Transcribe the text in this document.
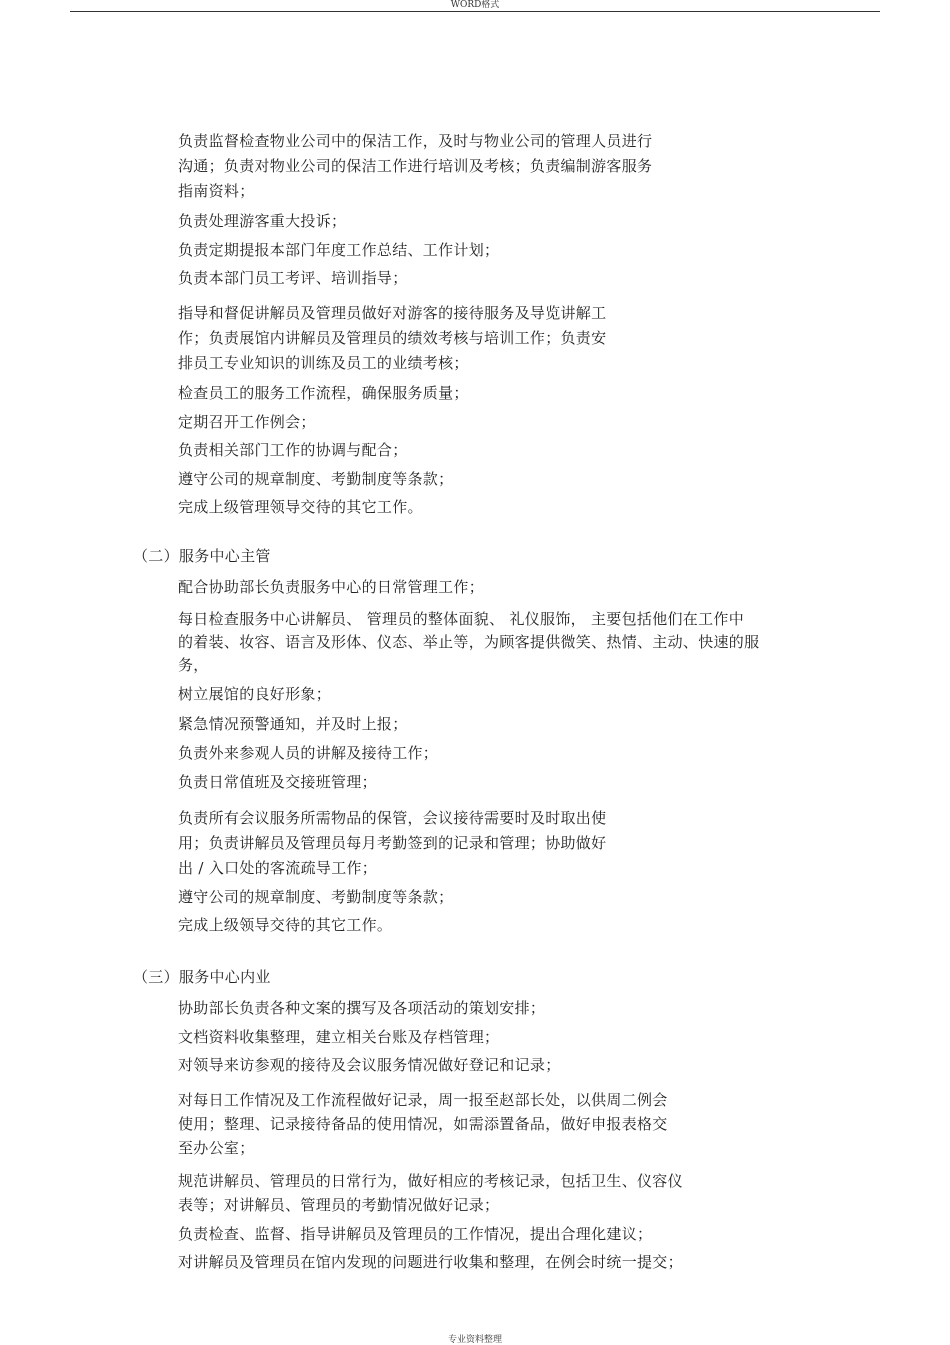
WORD格式
负责监督检查物业公司中的保洁工作，及时与物业公司的管理人员进行
沟通；负责对物业公司的保洁工作进行培训及考核；负责编制游客服务
指南资料；
负责处理游客重大投诉；
负责定期提报本部门年度工作总结、工作计划；
负责本部门员工考评、培训指导；
指导和督促讲解员及管理员做好对游客的接待服务及导览讲解工
作；负责展馆内讲解员及管理员的绩效考核与培训工作；负责安
排员工专业知识的训练及员工的业绩考核；
检查员工的服务工作流程，确保服务质量；
定期召开工作例会；
负责相关部门工作的协调与配合；
遵守公司的规章制度、考勤制度等条款；
完成上级管理领导交待的其它工作。
（二）服务中心主管
配合协助部长负责服务中心的日常管理工作；
每日检查服务中心讲解员、 管理员的整体面貌、 礼仪服饰， 主要包括他们在工作中
的着装、妆容、语言及形体、仪态、举止等，为顾客提供微笑、热情、主动、快速的服
务，
树立展馆的良好形象；
紧急情况预警通知，并及时上报；
负责外来参观人员的讲解及接待工作；
负责日常值班及交接班管理；
负责所有会议服务所需物品的保管，会议接待需要时及时取出使
用；负责讲解员及管理员每月考勤签到的记录和管理；协助做好
出 / 入口处的客流疏导工作；
遵守公司的规章制度、考勤制度等条款；
完成上级领导交待的其它工作。
（三）服务中心内业
协助部长负责各种文案的撰写及各项活动的策划安排；
文档资料收集整理，建立相关台账及存档管理；
对领导来访参观的接待及会议服务情况做好登记和记录；
对每日工作情况及工作流程做好记录，周一报至赵部长处，以供周二例会
使用；整理、记录接待备品的使用情况，如需添置备品，做好申报表格交
至办公室；
规范讲解员、管理员的日常行为，做好相应的考核记录，包括卫生、仪容仪
表等；对讲解员、管理员的考勤情况做好记录；
负责检查、监督、指导讲解员及管理员的工作情况，提出合理化建议；
对讲解员及管理员在馆内发现的问题进行收集和整理，在例会时统一提交；
专业资料整理
